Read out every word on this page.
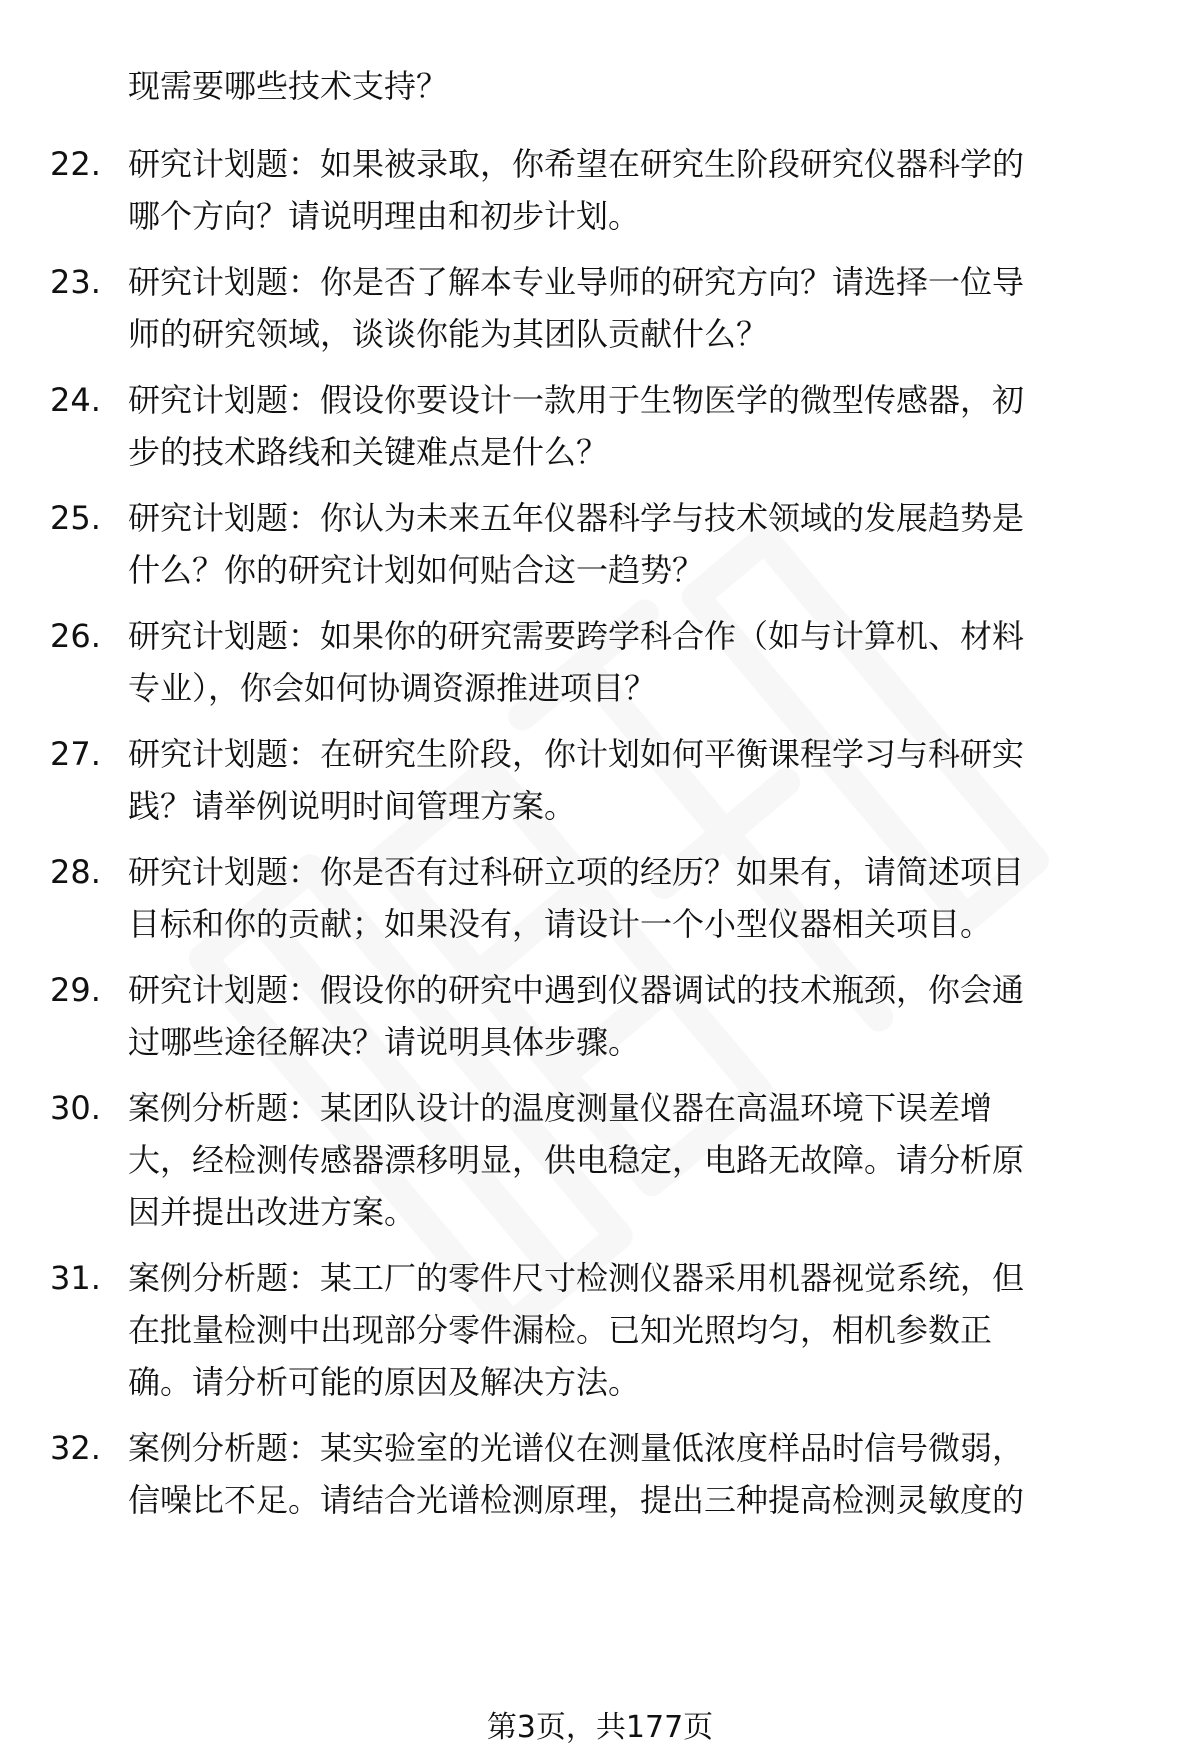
现需要哪些技术支持？
22. 研究计划题：如果被录取，你希望在研究生阶段研究仪器科学的
哪个方向？请说明理由和初步计划。
23. 研究计划题：你是否了解本专业导师的研究方向？请选择一位导
师的研究领域，谈谈你能为其团队贡献什么？
24. 研究计划题：假设你要设计一款用于生物医学的微型传感器，初
步的技术路线和关键难点是什么？
25. 研究计划题：你认为未来五年仪器科学与技术领域的发展趋势是
什么？你的研究计划如何贴合这一趋势？
26. 研究计划题：如果你的研究需要跨学科合作（如与计算机、材料
专业），你会如何协调资源推进项目？
27. 研究计划题：在研究生阶段，你计划如何平衡课程学习与科研实
践？请举例说明时间管理方案。
28. 研究计划题：你是否有过科研立项的经历？如果有，请简述项目
目标和你的贡献；如果没有，请设计一个小型仪器相关项目。
29. 研究计划题：假设你的研究中遇到仪器调试的技术瓶颈，你会通
过哪些途径解决？请说明具体步骤。
30. 案例分析题：某团队设计的温度测量仪器在高温环境下误差增
大，经检测传感器漂移明显，供电稳定，电路无故障。请分析原
因并提出改进方案。
31. 案例分析题：某工厂的零件尺寸检测仪器采用机器视觉系统，但
在批量检测中出现部分零件漏检。已知光照均匀，相机参数正
确。请分析可能的原因及解决方法。
32. 案例分析题：某实验室的光谱仪在测量低浓度样品时信号微弱，
信噪比不足。请结合光谱检测原理，提出三种提高检测灵敏度的
第3页，共177页
